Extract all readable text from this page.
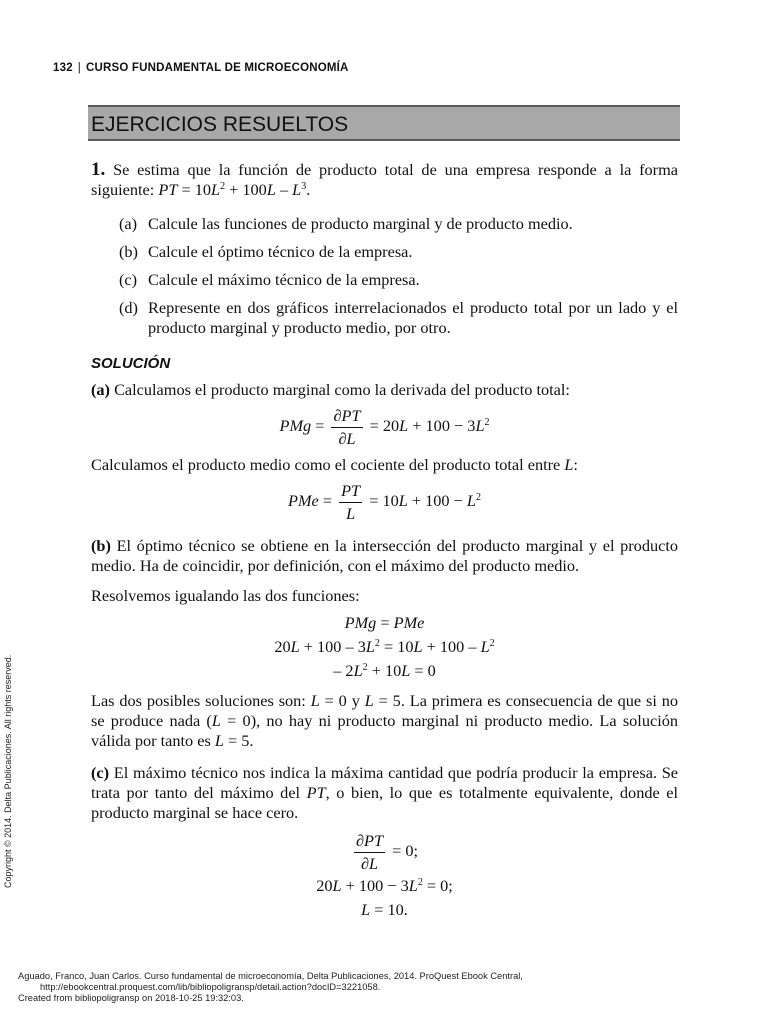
132 | CURSO FUNDAMENTAL DE MICROECONOMÍA
EJERCICIOS RESUELTOS

1. Se estima que la función de producto total de una empresa responde a la forma siguiente: PT = $10L^2 + 100L - L^3$.

(a) Calcule las funciones de producto marginal y de producto medio.

(b) Calcule el óptimo técnico de la empresa.

(c) Calcule el máximo técnico de la empresa.

(d) Represente en dos gráficos interrelacionados el producto total por un lado y el producto marginal y producto medio, por otro.

SOLUCIÓN

(a) Calculamos el producto marginal como la derivada del producto total:

PMg = $\frac{\partial PT}{\partial L} = 20L + 100 - 3L^2$

Calculamos el producto medio como el cociente del producto total entre L:

PMe = $\frac{PT}{L} = 10L + 100 - L^2$

(b) El óptimo técnico se obtiene en la intersección del producto marginal y el producto medio. Ha de coincidir, por definición, con el máximo del producto medio.

Resolvemos igualando las dos funciones:

PMg = PMe

$20L + 100 - 3L^2 = 10L + 100 - L^2$

– $2L^2 + 10L = 0$

Las dos posibles soluciones son: L = 0 y L = 5. La primera es consecuencia de que si no se produce nada (L = 0), no hay ni producto marginal ni producto medio. La solución válida por tanto es L = 5.

(c) El máximo técnico nos indica la máxima cantidad que podría producir la empresa. Se trata por tanto del máximo del PT, o bien, lo que es totalmente equivalente, donde el producto marginal se hace cero.

$\frac{\partial PT}{\partial L} = 0$;

$20L + 100 - 3L^2 = 0$;

L = 10.

Copyright © 2014. Delta Publicaciones. All rights reserved.
Aguado, Franco, Juan Carlos. Curso fundamental de microeconomía, Delta Publicaciones, 2014. ProQuest Ebook Central,
http://ebookcentral.proquest.com/lib/bibliopoligransp/detail.action?docID=3221058.
Created from bibliopoligransp on 2018-10-25 19:32:03.
